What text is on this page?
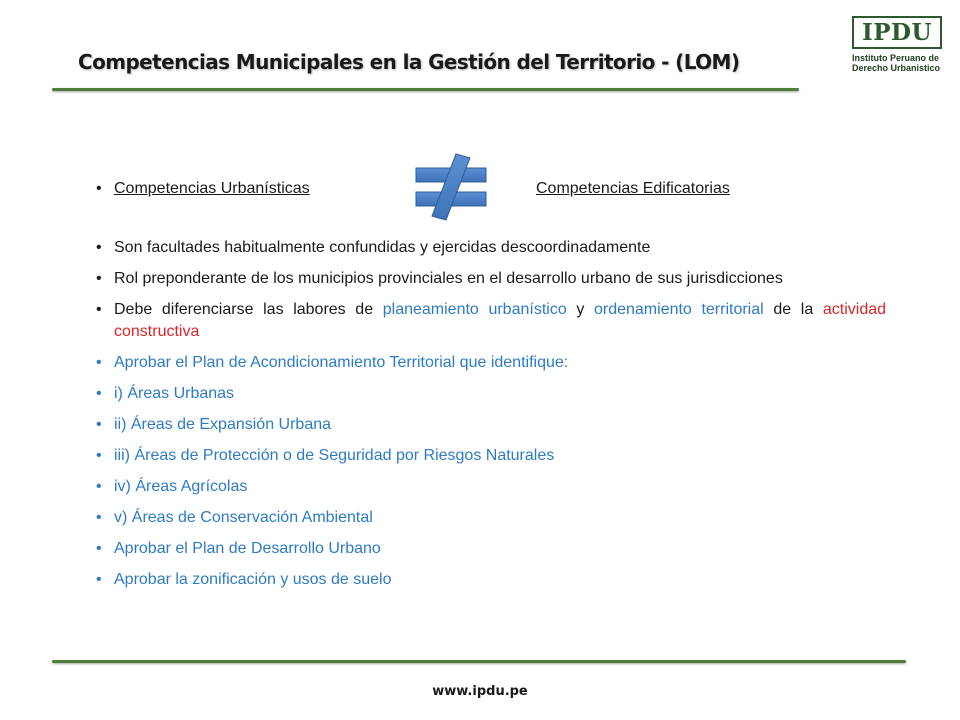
Competencias Municipales en la Gestión del Territorio - (LOM)
IPDU
Instituto Peruano de
Derecho Urbanistico
• Competencias Urbanísticas	Competencias Edificatorias
• Son facultades habitualmente confundidas y ejercidas descoordinadamente
• Rol preponderante de los municipios provinciales en el desarrollo urbano de sus jurisdicciones
• Debe diferenciarse las labores de planeamiento urbanístico y ordenamiento territorial de la actividad constructiva
• Aprobar el Plan de Acondicionamiento Territorial que identifique:
• i) Áreas Urbanas
• ii) Áreas de Expansión Urbana
• iii) Áreas de Protección o de Seguridad por Riesgos Naturales
• iv) Áreas Agrícolas
• v) Áreas de Conservación Ambiental
• Aprobar el Plan de Desarrollo Urbano
• Aprobar la zonificación y usos de suelo
www.ipdu.pe
